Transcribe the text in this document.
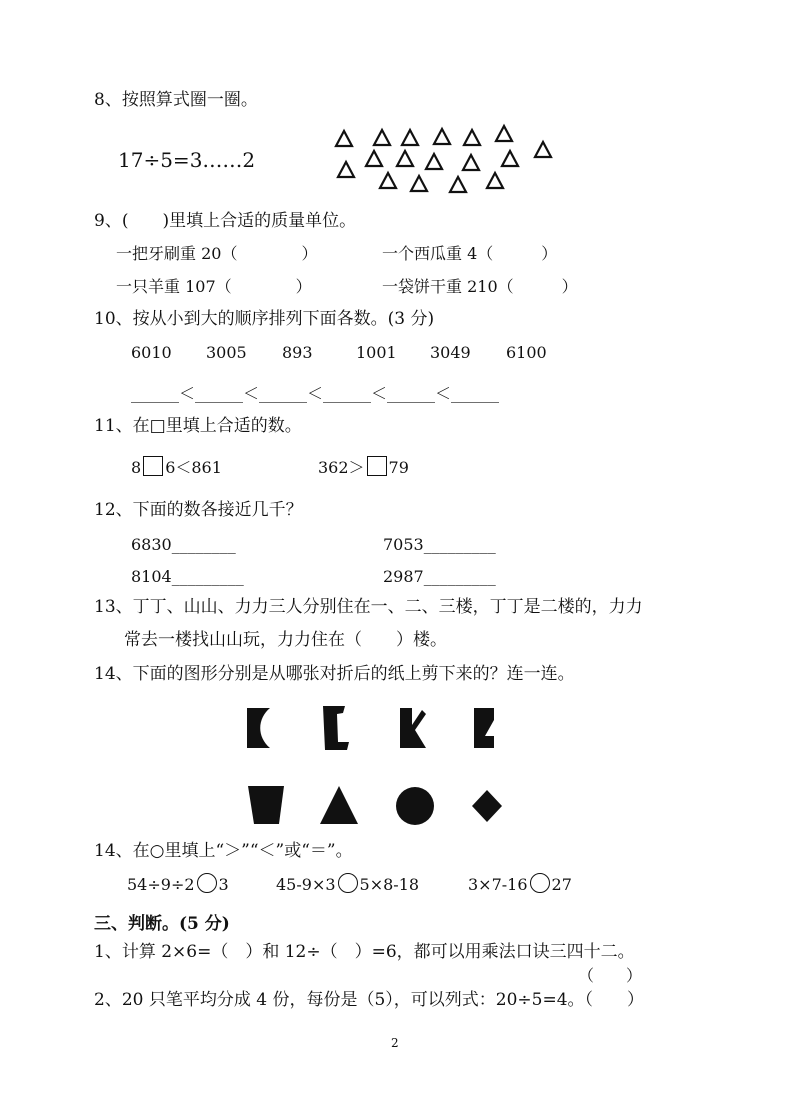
8、按照算式圈一圈。
17÷5=3……2
9、(　　)里填上合适的质量单位。
一把牙刷重 20（　　　　）	一个西瓜重 4（　　　）
一只羊重 107（　　　　）	一袋饼干重 210（　　　）
10、按从小到大的顺序排列下面各数。(3 分)
6010 3005 893	1001 3049 6100
______＜______＜______＜______＜______＜______
11、在□里填上合适的数。
8 6＜861	362＞ 79
12、下面的数各接近几千？
6830________	7053_________
8104_________	2987_________
13、丁丁、山山、力力三人分别住在一、二、三楼，丁丁是二楼的，力力
常去一楼找山山玩，力力住在（　　）楼。
14、下面的图形分别是从哪张对折后的纸上剪下来的？连一连。
14、在○里填上“＞”“＜”或“＝”。
54÷9÷2 3	45-9×3 5×8-18	3×7-16 27
三、判断。(5 分)
1、计算 2×6=（　）和 12÷（　）=6，都可以用乘法口诀三四十二。
（　　）
2、20 只笔平均分成 4 份，每份是（5），可以列式：20÷5=4。（　　）
2
